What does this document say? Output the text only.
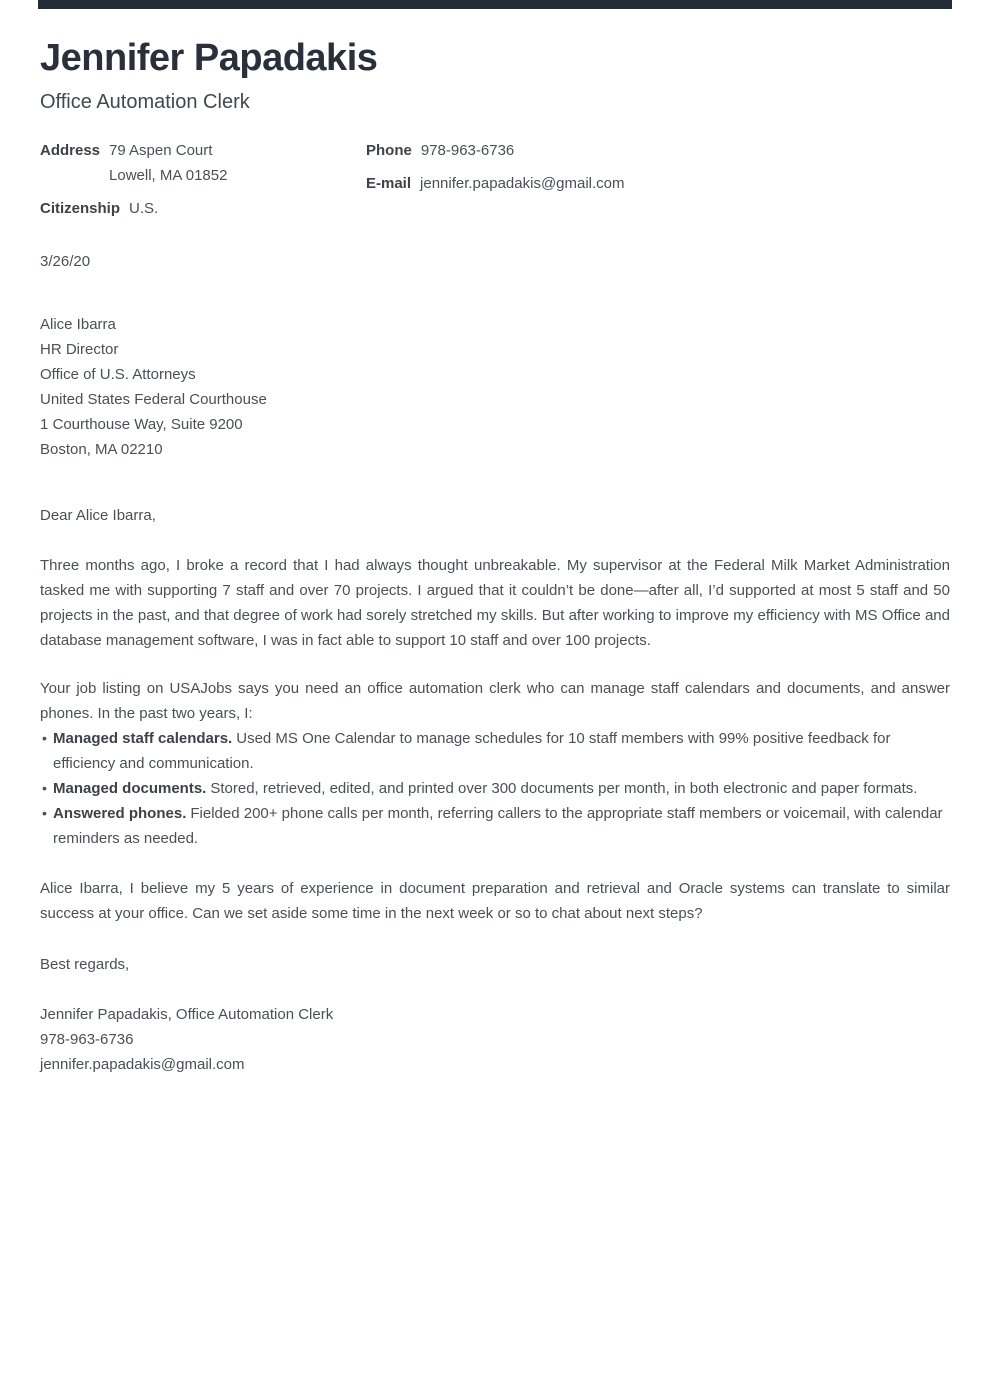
Jennifer Papadakis
Office Automation Clerk
Address 79 Aspen Court
Lowell, MA 01852
Citizenship U.S.
Phone 978-963-6736
E-mail jennifer.papadakis@gmail.com
3/26/20
Alice Ibarra
HR Director
Office of U.S. Attorneys
United States Federal Courthouse
1 Courthouse Way, Suite 9200
Boston, MA 02210
Dear Alice Ibarra,

Three months ago, I broke a record that I had always thought unbreakable. My supervisor at the Federal Milk Market Administration tasked me with supporting 7 staff and over 70 projects. I argued that it couldn’t be done—after all, I’d supported at most 5 staff and 50 projects in the past, and that degree of work had sorely stretched my skills. But after working to improve my efficiency with MS Office and database management software, I was in fact able to support 10 staff and over 100 projects.

Your job listing on USAJobs says you need an office automation clerk who can manage staff calendars and documents, and answer phones. In the past two years, I:

• Managed staff calendars. Used MS One Calendar to manage schedules for 10 staff members with 99% positive feedback for efficiency and communication.
• Managed documents. Stored, retrieved, edited, and printed over 300 documents per month, in both electronic and paper formats.
• Answered phones. Fielded 200+ phone calls per month, referring callers to the appropriate staff members or voicemail, with calendar reminders as needed.

Alice Ibarra, I believe my 5 years of experience in document preparation and retrieval and Oracle systems can translate to similar success at your office. Can we set aside some time in the next week or so to chat about next steps?

Best regards,
Jennifer Papadakis, Office Automation Clerk
978-963-6736
jennifer.papadakis@gmail.com
